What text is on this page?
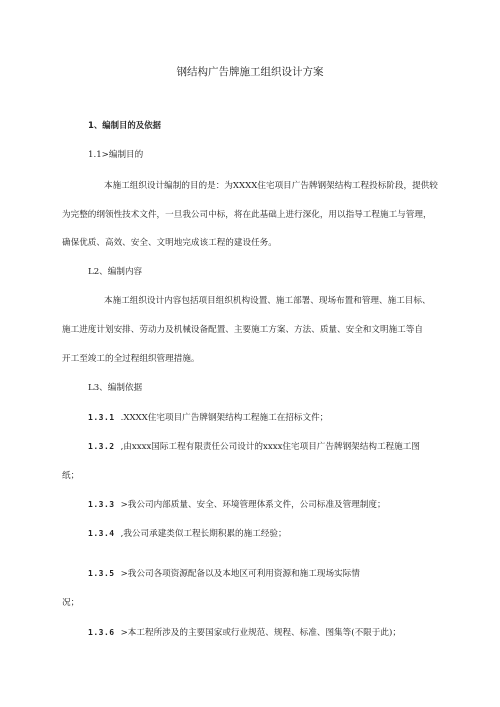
钢结构广告牌施工组织设计方案
1、编制目的及依据
1.1>编制目的
本施工组织设计编制的目的是：为XXXX住宅项目广告牌钢架结构工程投标阶段，提供较
为完整的纲领性技术文件，一旦我公司中标，将在此基础上进行深化，用以指导工程施工与管理，
确保优质、高效、安全、文明地完成该工程的建设任务。
L2、编制内容
本施工组织设计内容包括项目组织机构设置、施工部署、现场布置和管理、施工目标、
施工进度计划安排、劳动力及机械设备配置、主要施工方案、方法、质量、安全和文明施工等自
开工至竣工的全过程组织管理措施。
L3、编制依据
1.3.1 .XXXX住宅项目广告牌钢架结构工程施工在招标文件；
1.3.2 ,由xxxx国际工程有限责任公司设计的xxxx住宅项目广告牌钢架结构工程施工图
纸；
1.3.3 >我公司内部质量、安全、环境管理体系文件，公司标准及管理制度；
1.3.4 ,我公司承建类似工程长期积累的施工经验；
1.3.5 >我公司各项资源配备以及本地区可利用资源和施工现场实际情
况；
1.3.6 >本工程所涉及的主要国家或行业规范、规程、标准、图集等(不限于此)；
